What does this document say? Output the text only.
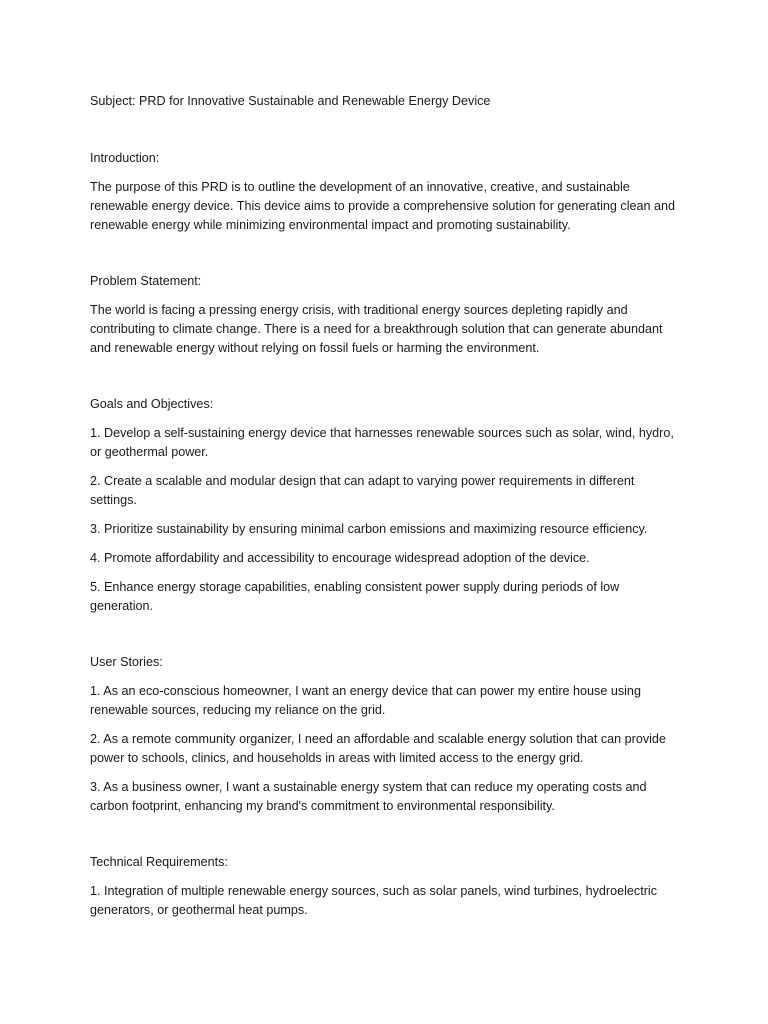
Subject: PRD for Innovative Sustainable and Renewable Energy Device

Introduction:

The purpose of this PRD is to outline the development of an innovative, creative, and sustainable renewable energy device. This device aims to provide a comprehensive solution for generating clean and renewable energy while minimizing environmental impact and promoting sustainability.

Problem Statement:

The world is facing a pressing energy crisis, with traditional energy sources depleting rapidly and contributing to climate change. There is a need for a breakthrough solution that can generate abundant and renewable energy without relying on fossil fuels or harming the environment.

Goals and Objectives:

1. Develop a self-sustaining energy device that harnesses renewable sources such as solar, wind, hydro, or geothermal power.

2. Create a scalable and modular design that can adapt to varying power requirements in different settings.

3. Prioritize sustainability by ensuring minimal carbon emissions and maximizing resource efficiency.

4. Promote affordability and accessibility to encourage widespread adoption of the device.

5. Enhance energy storage capabilities, enabling consistent power supply during periods of low generation.

User Stories:

1. As an eco-conscious homeowner, I want an energy device that can power my entire house using renewable sources, reducing my reliance on the grid.

2. As a remote community organizer, I need an affordable and scalable energy solution that can provide power to schools, clinics, and households in areas with limited access to the energy grid.

3. As a business owner, I want a sustainable energy system that can reduce my operating costs and carbon footprint, enhancing my brand's commitment to environmental responsibility.

Technical Requirements:

1. Integration of multiple renewable energy sources, such as solar panels, wind turbines, hydroelectric generators, or geothermal heat pumps.
